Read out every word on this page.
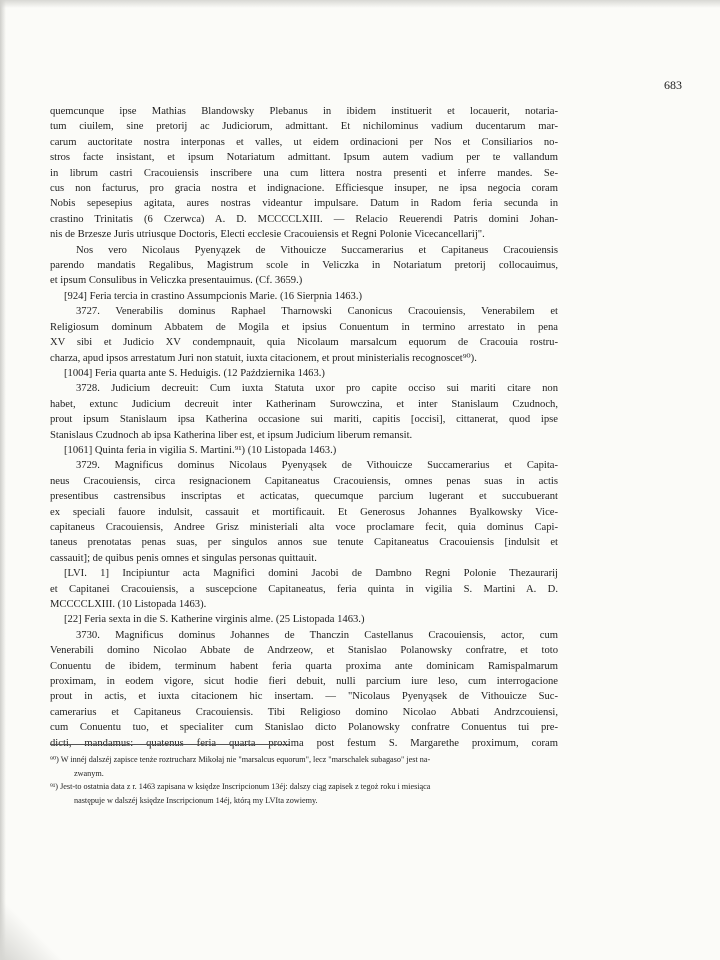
683
quemcunque ipse Mathias Blandowsky Plebanus in ibidem instituerit et locauerit, notaria-
tum ciuilem, sine pretorij ac Judiciorum, admittant. Et nichilominus vadium ducentarum mar-
carum auctoritate nostra interponas et valles, ut eidem ordinacioni per Nos et Consiliarios no-
stros facte insistant, et ipsum Notariatum admittant. Ipsum autem vadium per te vallandum
in librum castri Cracouiensis inscribere una cum littera nostra presenti et inferre mandes. Se-
cus non facturus, pro gracia nostra et indignacione. Efficiesque insuper, ne ipsa negocia coram
Nobis sepesepius agitata, aures nostras videantur impulsare. Datum in Radom feria secunda in
crastino Trinitatis (6 Czerwca) A. D. MCCCCLXIII. — Relacio Reuerendi Patris domini Johan-
nis de Brzesze Juris utriusque Doctoris, Electi ecclesie Cracouiensis et Regni Polonie Vicecancellarij".
Nos vero Nicolaus Pyenyązek de Vithouicze Succamerarius et Capitaneus Cracouiensis
parendo mandatis Regalibus, Magistrum scole in Veliczka in Notariatum pretorij collocauimus,
et ipsum Consulibus in Veliczka presentauimus. (Cf. 3659.)
[924] Feria tercia in crastino Assumpcionis Marie. (16 Sierpnia 1463.)
3727. Venerabilis dominus Raphael Tharnowski Canonicus Cracouiensis, Venerabilem et
Religiosum dominum Abbatem de Mogila et ipsius Conuentum in termino arrestato in pena
XV sibi et Judicio XV condempnauit, quia Nicolaum marsalcum equorum de Cracouia rostru-
charza, apud ipsos arrestatum Juri non statuit, iuxta citacionem, et prout ministerialis recognoscet⁹⁰).
[1004] Feria quarta ante S. Heduigis. (12 Października 1463.)
3728. Judicium decreuit: Cum iuxta Statuta uxor pro capite occiso sui mariti citare non
habet, extunc Judicium decreuit inter Katherinam Surowczina, et inter Stanislaum Czudnoch,
prout ipsum Stanislaum ipsa Katherina occasione sui mariti, capitis [occisi], cittanerat, quod ipse
Stanislaus Czudnoch ab ipsa Katherina liber est, et ipsum Judicium liberum remansit.
[1061] Quinta feria in vigilia S. Martini.⁹¹) (10 Listopada 1463.)
3729. Magnificus dominus Nicolaus Pyenyąsek de Vithouicze Succamerarius et Capita-
neus Cracouiensis, circa resignacionem Capitaneatus Cracouiensis, omnes penas suas in actis
presentibus castrensibus inscriptas et acticatas, quecumque parcium lugerant et succubuerant
ex speciali fauore indulsit, cassauit et mortificauit. Et Generosus Johannes Byalkowsky Vice-
capitaneus Cracouiensis, Andree Grisz ministeriali alta voce proclamare fecit, quia dominus Capi-
taneus prenotatas penas suas, per singulos annos sue tenute Capitaneatus Cracouiensis [indulsit et
cassauit]; de quibus penis omnes et singulas personas quittauit.
[LVI. 1] Incipiuntur acta Magnifici domini Jacobi de Dambno Regni Polonie Thezaurarij
et Capitanei Cracouiensis, a suscepcione Capitaneatus, feria quinta in vigilia S. Martini A. D.
MCCCCLXIII. (10 Listopada 1463).
[22] Feria sexta in die S. Katherine virginis alme. (25 Listopada 1463.)
3730. Magnificus dominus Johannes de Thanczin Castellanus Cracouiensis, actor, cum
Venerabili domino Nicolao Abbate de Andrzeow, et Stanislao Polanowsky confratre, et toto
Conuentu de ibidem, terminum habent feria quarta proxima ante dominicam Ramispalmarum
proximam, in eodem vigore, sicut hodie fieri debuit, nulli parcium iure leso, cum interrogacione
prout in actis, et iuxta citacionem hic insertam. — "Nicolaus Pyenyąsek de Vithouicze Suc-
camerarius et Capitaneus Cracouiensis. Tibi Religioso domino Nicolao Abbati Andrzcouiensi,
cum Conuentu tuo, et specialiter cum Stanislao dicto Polanowsky confratre Conuentus tui pre-
dicti, mandamus: quatenus feria quarta proxima post festum S. Margarethe proximum, coram
⁹⁰) W innéj dalszéj zapisce tenże roztrucharz Mikołaj nie "marsalcus equorum", lecz "marschalek subagaso" jest na-
zwanym.
⁹¹) Jest-to ostatnia data z r. 1463 zapisana w księdze Inscripcionum 13éj: dalszy ciąg zapisek z tegoż roku i miesiąca
następuje w dalszéj księdze Inscripcionum 14éj, którą my LVIta zowiemy.
